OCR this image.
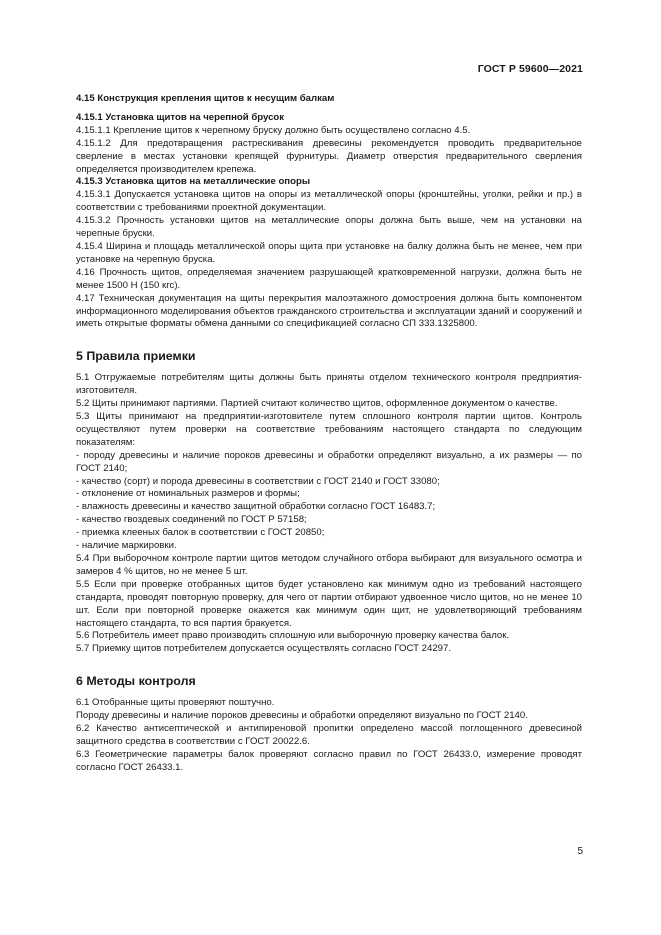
ГОСТ Р 59600—2021

4.15 Конструкция крепления щитов к несущим балкам

4.15.1 Установка щитов на черепной брусок

4.15.1.1 Крепление щитов к черепному бруску должно быть осуществлено согласно 4.5.

4.15.1.2 Для предотвращения растрескивания древесины рекомендуется проводить предварительное сверление в местах установки крепящей фурнитуры. Диаметр отверстия предварительного сверления определяется производителем крепежа.

4.15.3 Установка щитов на металлические опоры

4.15.3.1 Допускается установка щитов на опоры из металлической опоры (кронштейны, уголки, рейки и пр.) в соответствии с требованиями проектной документации.

4.15.3.2 Прочность установки щитов на металлические опоры должна быть выше, чем на установки на черепные бруски.

4.15.4 Ширина и площадь металлической опоры щита при установке на балку должна быть не менее, чем при установке на черепную бруска.

4.16 Прочность щитов, определяемая значением разрушающей кратковременной нагрузки, должна быть не менее 1500 Н (150 кгс).

4.17 Техническая документация на щиты перекрытия малоэтажного домостроения должна быть компонентом информационного моделирования объектов гражданского строительства и эксплуатации зданий и сооружений и иметь открытые форматы обмена данными со спецификацией согласно СП 333.1325800.

5 Правила приемки

5.1 Отгружаемые потребителям щиты должны быть приняты отделом технического контроля предприятия-изготовителя.

5.2 Щиты принимают партиями. Партией считают количество щитов, оформленное документом о качестве.

5.3 Щиты принимают на предприятии-изготовителе путем сплошного контроля партии щитов. Контроль осуществляют путем проверки на соответствие требованиям настоящего стандарта по следующим показателям:

- породу древесины и наличие пороков древесины и обработки определяют визуально, а их размеры — по ГОСТ 2140;

- качество (сорт) и порода древесины в соответствии с ГОСТ 2140 и ГОСТ 33080;

- отклонение от номинальных размеров и формы;

- влажность древесины и качество защитной обработки согласно ГОСТ 16483.7;

- качество гвоздевых соединений по ГОСТ Р 57158;

- приемка клееных балок в соответствии с ГОСТ 20850;

- наличие маркировки.

5.4 При выборочном контроле партии щитов методом случайного отбора выбирают для визуального осмотра и замеров 4 % щитов, но не менее 5 шт.

5.5 Если при проверке отобранных щитов будет установлено как минимум одно из требований настоящего стандарта, проводят повторную проверку, для чего от партии отбирают удвоенное число щитов, но не менее 10 шт. Если при повторной проверке окажется как минимум один щит, не удовлетворяющий требованиям настоящего стандарта, то вся партия бракуется.

5.6 Потребитель имеет право производить сплошную или выборочную проверку качества балок.

5.7 Приемку щитов потребителем допускается осуществлять согласно ГОСТ 24297.

6 Методы контроля

6.1 Отобранные щиты проверяют поштучно.

Породу древесины и наличие пороков древесины и обработки определяют визуально по ГОСТ 2140.

6.2 Качество антисептической и антипиреновой пропитки определено массой поглощенного древесиной защитного средства в соответствии с ГОСТ 20022.6.

6.3 Геометрические параметры балок проверяют согласно правил по ГОСТ 26433.0, измерение проводят согласно ГОСТ 26433.1.

5
